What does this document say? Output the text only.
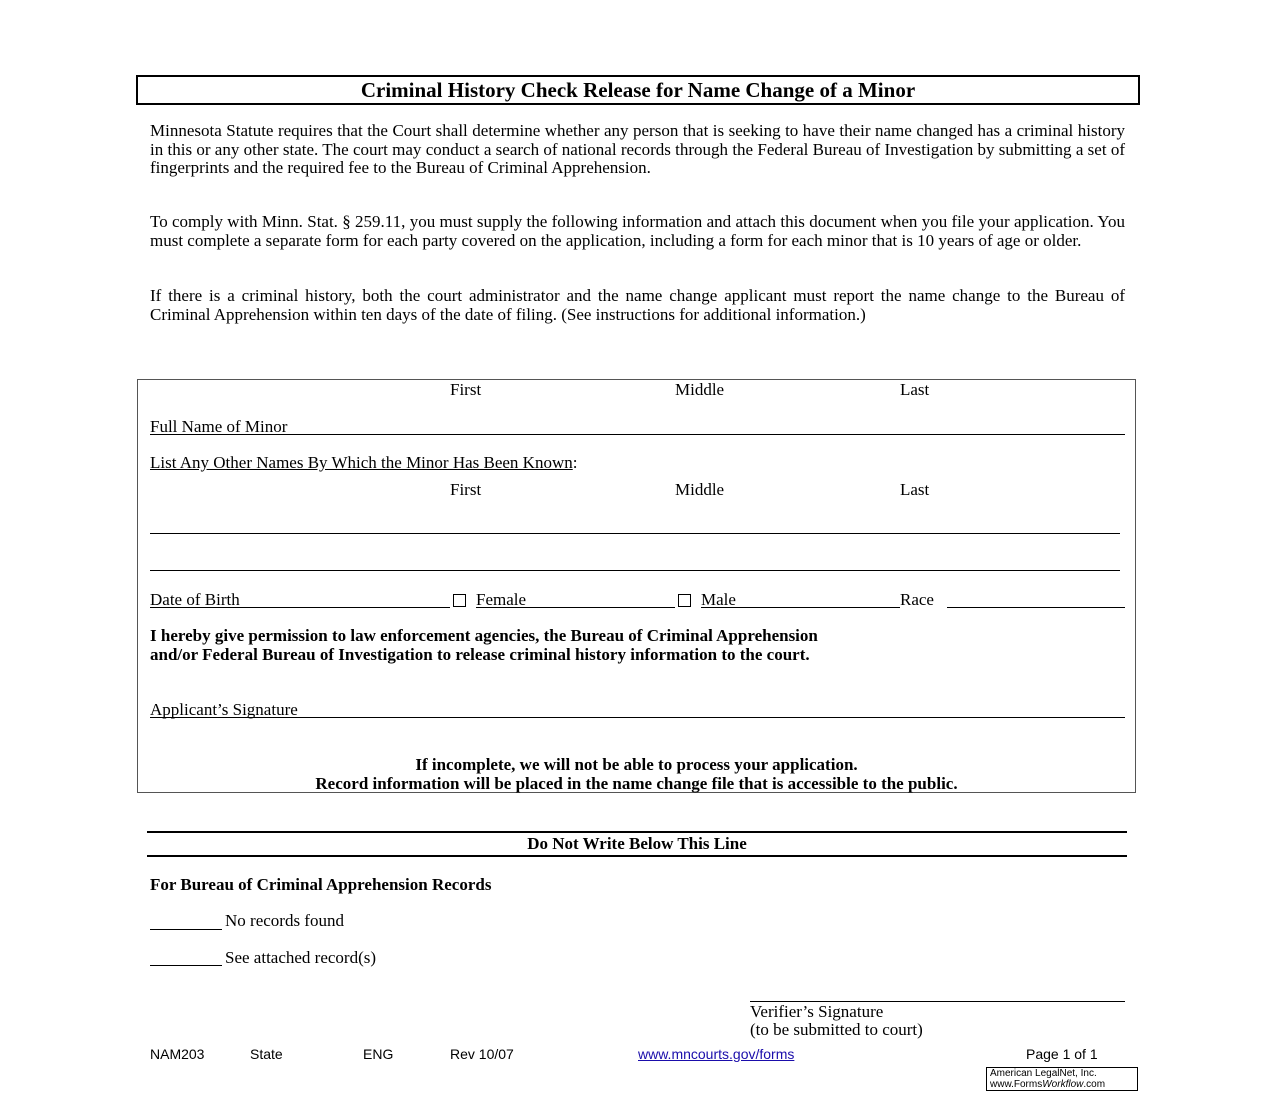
Criminal History Check Release for Name Change of a Minor

Minnesota Statute requires that the Court shall determine whether any person that is seeking to have their name changed has a criminal history in this or any other state. The court may conduct a search of national records through the Federal Bureau of Investigation by submitting a set of fingerprints and the required fee to the Bureau of Criminal Apprehension.

To comply with Minn. Stat. § 259.11, you must supply the following information and attach this document when you file your application. You must complete a separate form for each party covered on the application, including a form for each minor that is 10 years of age or older.

If there is a criminal history, both the court administrator and the name change applicant must report the name change to the Bureau of Criminal Apprehension within ten days of the date of filing. (See instructions for additional information.)

First	Middle	Last
Full Name of Minor
List Any Other Names By Which the Minor Has Been Known:
First	Middle	Last
Date of Birth	Female	Male	Race
I hereby give permission to law enforcement agencies, the Bureau of Criminal Apprehension
and/or Federal Bureau of Investigation to release criminal history information to the court.
Applicant’s Signature
If incomplete, we will not be able to process your application.
Record information will be placed in the name change file that is accessible to the public.
Do Not Write Below This Line
For Bureau of Criminal Apprehension Records
No records found
See attached record(s)
Verifier’s Signature
(to be submitted to court)
NAM203	State	ENG	Rev 10/07	www.mncourts.gov/forms	Page 1 of 1
American LegalNet, Inc.
www.FormsWorkflow.com
